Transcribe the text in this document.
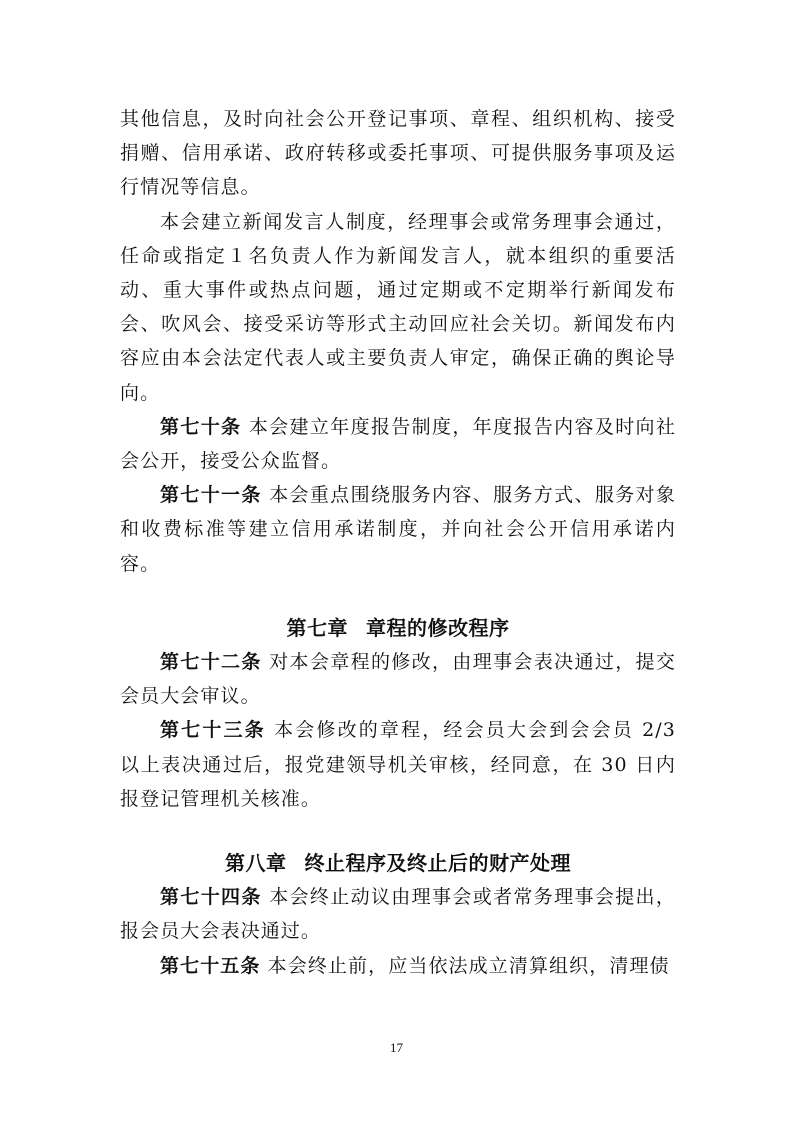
其他信息，及时向社会公开登记事项、章程、组织机构、接受捐赠、信用承诺、政府转移或委托事项、可提供服务事项及运行情况等信息。

本会建立新闻发言人制度，经理事会或常务理事会通过，任命或指定１名负责人作为新闻发言人，就本组织的重要活动、重大事件或热点问题，通过定期或不定期举行新闻发布会、吹风会、接受采访等形式主动回应社会关切。新闻发布内容应由本会法定代表人或主要负责人审定，确保正确的舆论导向。

第七十条 本会建立年度报告制度，年度报告内容及时向社会公开，接受公众监督。

第七十一条 本会重点围绕服务内容、服务方式、服务对象和收费标准等建立信用承诺制度，并向社会公开信用承诺内容。

第七章 章程的修改程序

第七十二条 对本会章程的修改，由理事会表决通过，提交会员大会审议。

第七十三条 本会修改的章程，经会员大会到会会员 2/3 以上表决通过后，报党建领导机关审核，经同意，在 30 日内报登记管理机关核准。

第八章 终止程序及终止后的财产处理

第七十四条 本会终止动议由理事会或者常务理事会提出，报会员大会表决通过。

第七十五条 本会终止前，应当依法成立清算组织，清理债

17
